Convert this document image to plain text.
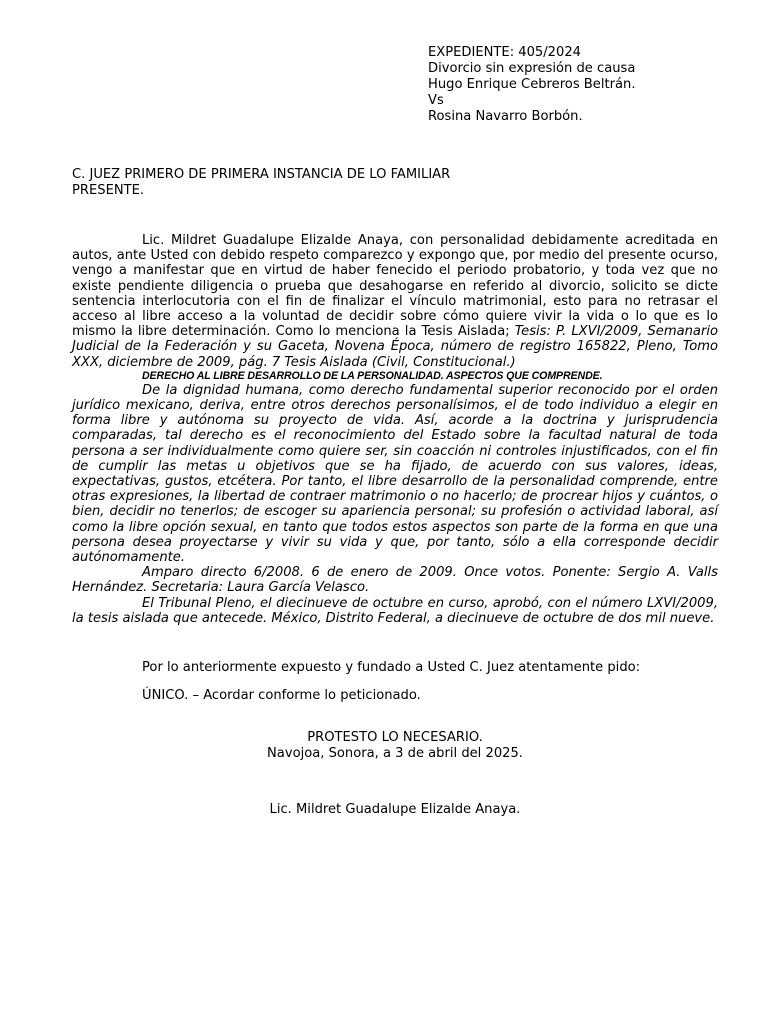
EXPEDIENTE: 405/2024
Divorcio sin expresión de causa
Hugo Enrique Cebreros Beltrán.
Vs
Rosina Navarro Borbón.
C. JUEZ PRIMERO DE PRIMERA INSTANCIA DE LO FAMILIAR
PRESENTE.

Lic. Mildret Guadalupe Elizalde Anaya, con personalidad debidamente acreditada en autos, ante Usted con debido respeto comparezco y expongo que, por medio del presente ocurso, vengo a manifestar que en virtud de haber fenecido el periodo probatorio, y toda vez que no existe pendiente diligencia o prueba que desahogarse en referido al divorcio, solicito se dicte sentencia interlocutoria con el fin de finalizar el vínculo matrimonial, esto para no retrasar el acceso al libre acceso a la voluntad de decidir sobre cómo quiere vivir la vida o lo que es lo mismo la libre determinación. Como lo menciona la Tesis Aislada; Tesis: P. LXVI/2009, Semanario Judicial de la Federación y su Gaceta, Novena Época, número de registro 165822, Pleno, Tomo XXX, diciembre de 2009, pág. 7 Tesis Aislada (Civil, Constitucional.)

DERECHO AL LIBRE DESARROLLO DE LA PERSONALIDAD. ASPECTOS QUE COMPRENDE.

De la dignidad humana, como derecho fundamental superior reconocido por el orden jurídico mexicano, deriva, entre otros derechos personalísimos, el de todo individuo a elegir en forma libre y autónoma su proyecto de vida. Así, acorde a la doctrina y jurisprudencia comparadas, tal derecho es el reconocimiento del Estado sobre la facultad natural de toda persona a ser individualmente como quiere ser, sin coacción ni controles injustificados, con el fin de cumplir las metas u objetivos que se ha fijado, de acuerdo con sus valores, ideas, expectativas, gustos, etcétera. Por tanto, el libre desarrollo de la personalidad comprende, entre otras expresiones, la libertad de contraer matrimonio o no hacerlo; de procrear hijos y cuántos, o bien, decidir no tenerlos; de escoger su apariencia personal; su profesión o actividad laboral, así como la libre opción sexual, en tanto que todos estos aspectos son parte de la forma en que una persona desea proyectarse y vivir su vida y que, por tanto, sólo a ella corresponde decidir autónomamente.

Amparo directo 6/2008. 6 de enero de 2009. Once votos. Ponente: Sergio A. Valls Hernández. Secretaria: Laura García Velasco.

El Tribunal Pleno, el diecinueve de octubre en curso, aprobó, con el número LXVI/2009, la tesis aislada que antecede. México, Distrito Federal, a diecinueve de octubre de dos mil nueve.

Por lo anteriormente expuesto y fundado a Usted C. Juez atentamente pido:
ÚNICO. – Acordar conforme lo peticionado.
PROTESTO LO NECESARIO.
Navojoa, Sonora, a 3 de abril del 2025.
Lic. Mildret Guadalupe Elizalde Anaya.
